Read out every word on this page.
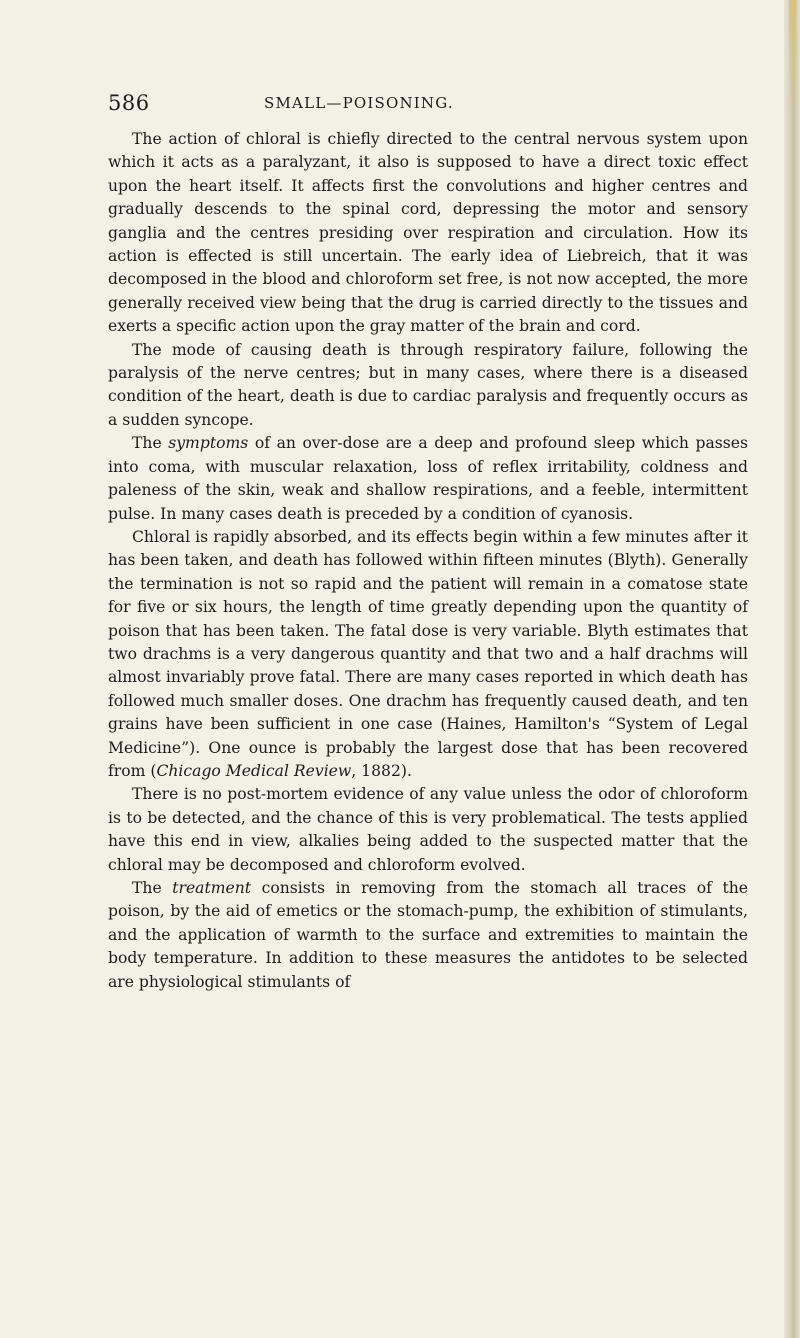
586	SMALL—POISONING.

The action of chloral is chiefly directed to the central nervous system upon which it acts as a paralyzant, it also is supposed to have a direct toxic effect upon the heart itself. It affects first the convolutions and higher centres and gradually descends to the spinal cord, depressing the motor and sensory ganglia and the centres presiding over respiration and circulation. How its action is effected is still uncertain. The early idea of Liebreich, that it was decomposed in the blood and chloroform set free, is not now accepted, the more generally received view being that the drug is carried directly to the tissues and exerts a specific action upon the gray matter of the brain and cord.

The mode of causing death is through respiratory failure, following the paralysis of the nerve centres; but in many cases, where there is a diseased condition of the heart, death is due to cardiac paralysis and frequently occurs as a sudden syncope.

The symptoms of an over-dose are a deep and profound sleep which passes into coma, with muscular relaxation, loss of reflex irritability, coldness and paleness of the skin, weak and shallow respirations, and a feeble, intermittent pulse. In many cases death is preceded by a condition of cyanosis.

Chloral is rapidly absorbed, and its effects begin within a few minutes after it has been taken, and death has followed within fifteen minutes (Blyth). Generally the termination is not so rapid and the patient will remain in a comatose state for five or six hours, the length of time greatly depending upon the quantity of poison that has been taken. The fatal dose is very variable. Blyth estimates that two drachms is a very dangerous quantity and that two and a half drachms will almost invariably prove fatal. There are many cases reported in which death has followed much smaller doses. One drachm has frequently caused death, and ten grains have been sufficient in one case (Haines, Hamilton's “System of Legal Medicine”). One ounce is probably the largest dose that has been recovered from (Chicago Medical Review, 1882).

There is no post-mortem evidence of any value unless the odor of chloroform is to be detected, and the chance of this is very problematical. The tests applied have this end in view, alkalies being added to the suspected matter that the chloral may be decomposed and chloroform evolved.

The treatment consists in removing from the stomach all traces of the poison, by the aid of emetics or the stomach-pump, the exhibition of stimulants, and the application of warmth to the surface and extremities to maintain the body temperature. In addition to these measures the antidotes to be selected are physiological stimulants of
